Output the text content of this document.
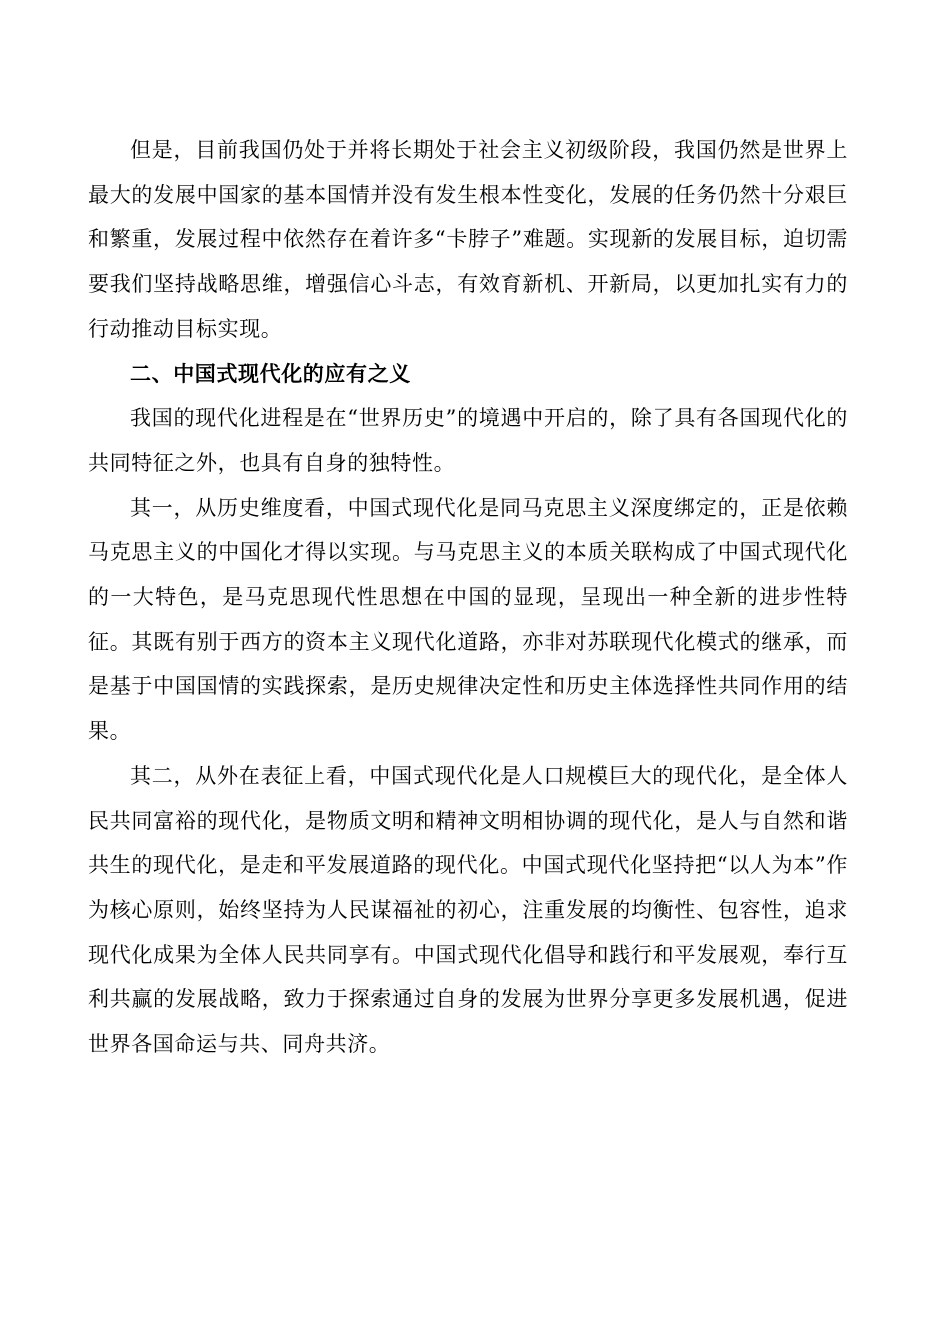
但是，目前我国仍处于并将长期处于社会主义初级阶段，我国仍然是世界上最大的发展中国家的基本国情并没有发生根本性变化，发展的任务仍然十分艰巨和繁重，发展过程中依然存在着许多“卡脖子”难题。实现新的发展目标，迫切需要我们坚持战略思维，增强信心斗志，有效育新机、开新局，以更加扎实有力的行动推动目标实现。

二、中国式现代化的应有之义

我国的现代化进程是在“世界历史”的境遇中开启的，除了具有各国现代化的共同特征之外，也具有自身的独特性。

其一，从历史维度看，中国式现代化是同马克思主义深度绑定的，正是依赖马克思主义的中国化才得以实现。与马克思主义的本质关联构成了中国式现代化的一大特色，是马克思现代性思想在中国的显现，呈现出一种全新的进步性特征。其既有别于西方的资本主义现代化道路，亦非对苏联现代化模式的继承，而是基于中国国情的实践探索，是历史规律决定性和历史主体选择性共同作用的结果。

其二，从外在表征上看，中国式现代化是人口规模巨大的现代化，是全体人民共同富裕的现代化，是物质文明和精神文明相协调的现代化，是人与自然和谐共生的现代化，是走和平发展道路的现代化。中国式现代化坚持把“以人为本”作为核心原则，始终坚持为人民谋福祉的初心，注重发展的均衡性、包容性，追求现代化成果为全体人民共同享有。中国式现代化倡导和践行和平发展观，奉行互利共赢的发展战略，致力于探索通过自身的发展为世界分享更多发展机遇，促进世界各国命运与共、同舟共济。
